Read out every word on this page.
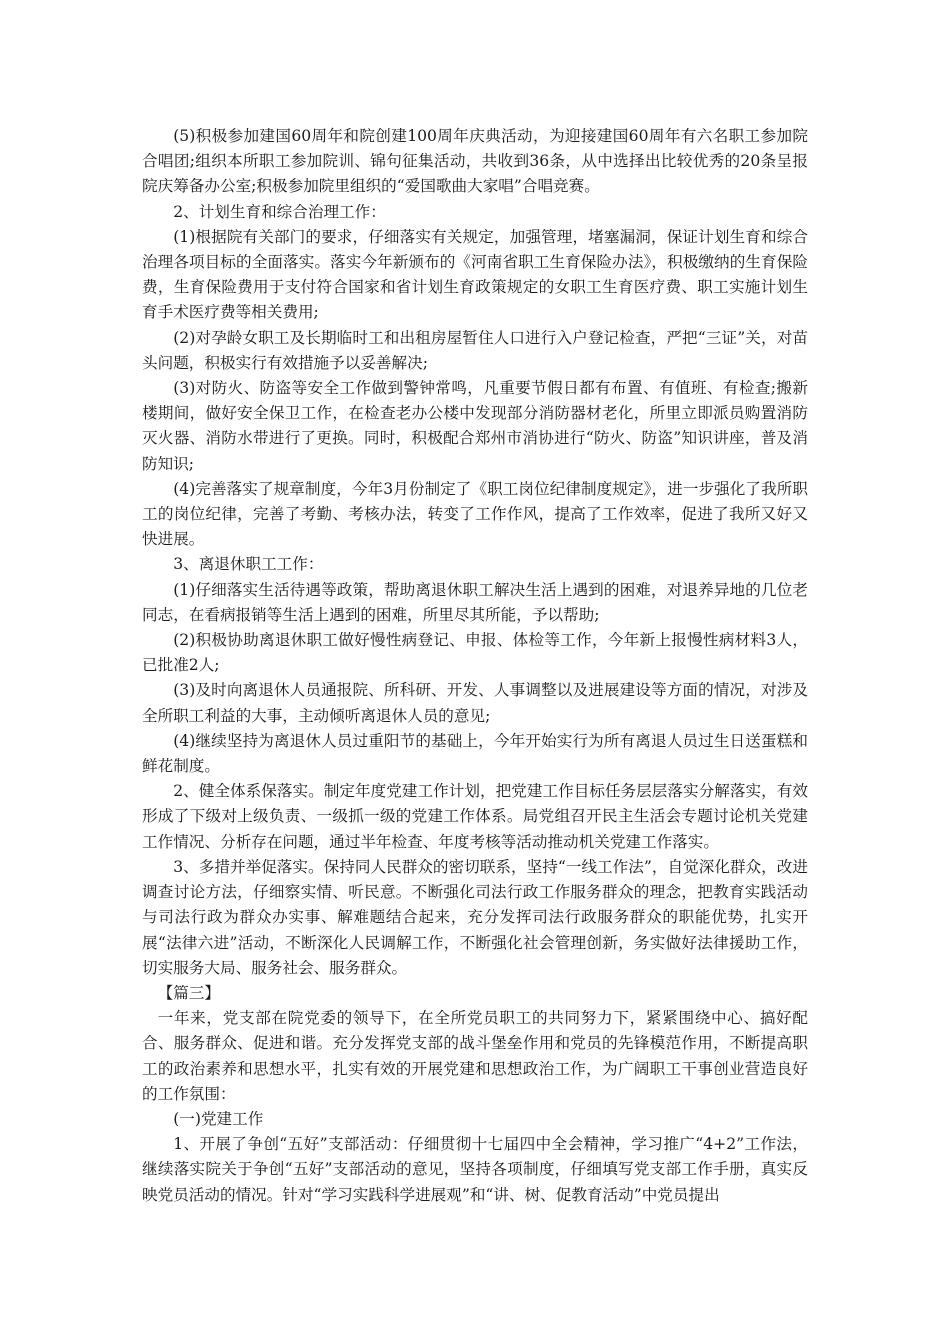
(5)积极参加建国60周年和院创建100周年庆典活动，为迎接建国60周年有六名职工参加院合唱团;组织本所职工参加院训、锦句征集活动，共收到36条，从中选择出比较优秀的20条呈报院庆筹备办公室;积极参加院里组织的“爱国歌曲大家唱”合唱竞赛。

2、计划生育和综合治理工作：

(1)根据院有关部门的要求，仔细落实有关规定，加强管理，堵塞漏洞，保证计划生育和综合治理各项目标的全面落实。落实今年新颁布的《河南省职工生育保险办法》，积极缴纳的生育保险费，生育保险费用于支付符合国家和省计划生育政策规定的女职工生育医疗费、职工实施计划生育手术医疗费等相关费用;

(2)对孕龄女职工及长期临时工和出租房屋暂住人口进行入户登记检查，严把“三证”关，对苗头问题，积极实行有效措施予以妥善解决;

(3)对防火、防盗等安全工作做到警钟常鸣，凡重要节假日都有布置、有值班、有检查;搬新楼期间，做好安全保卫工作，在检查老办公楼中发现部分消防器材老化，所里立即派员购置消防灭火器、消防水带进行了更换。同时，积极配合郑州市消协进行“防火、防盗”知识讲座，普及消防知识;

(4)完善落实了规章制度，今年3月份制定了《职工岗位纪律制度规定》，进一步强化了我所职工的岗位纪律，完善了考勤、考核办法，转变了工作作风，提高了工作效率，促进了我所又好又快进展。

3、离退休职工工作：

(1)仔细落实生活待遇等政策，帮助离退休职工解决生活上遇到的困难，对退养异地的几位老同志，在看病报销等生活上遇到的困难，所里尽其所能，予以帮助;

(2)积极协助离退休职工做好慢性病登记、申报、体检等工作，今年新上报慢性病材料3人，已批准2人;

(3)及时向离退休人员通报院、所科研、开发、人事调整以及进展建设等方面的情况，对涉及全所职工利益的大事，主动倾听离退休人员的意见;

(4)继续坚持为离退休人员过重阳节的基础上，今年开始实行为所有离退人员过生日送蛋糕和鲜花制度。

2、健全体系保落实。制定年度党建工作计划，把党建工作目标任务层层落实分解落实，有效形成了下级对上级负责、一级抓一级的党建工作体系。局党组召开民主生活会专题讨论机关党建工作情况、分析存在问题，通过半年检查、年度考核等活动推动机关党建工作落实。

3、多措并举促落实。保持同人民群众的密切联系，坚持“一线工作法”，自觉深化群众，改进调查讨论方法，仔细察实情、听民意。不断强化司法行政工作服务群众的理念，把教育实践活动与司法行政为群众办实事、解难题结合起来，充分发挥司法行政服务群众的职能优势，扎实开展“法律六进”活动，不断深化人民调解工作，不断强化社会管理创新，务实做好法律援助工作，切实服务大局、服务社会、服务群众。

【篇三】

一年来，党支部在院党委的领导下，在全所党员职工的共同努力下，紧紧围绕中心、搞好配合、服务群众、促进和谐。充分发挥党支部的战斗堡垒作用和党员的先锋模范作用，不断提高职工的政治素养和思想水平，扎实有效的开展党建和思想政治工作，为广阔职工干事创业营造良好的工作氛围：

(一)党建工作

1、开展了争创“五好”支部活动：仔细贯彻十七届四中全会精神，学习推广“4+2”工作法，继续落实院关于争创“五好”支部活动的意见，坚持各项制度，仔细填写党支部工作手册，真实反映党员活动的情况。针对“学习实践科学进展观”和“讲、树、促教育活动”中党员提出
